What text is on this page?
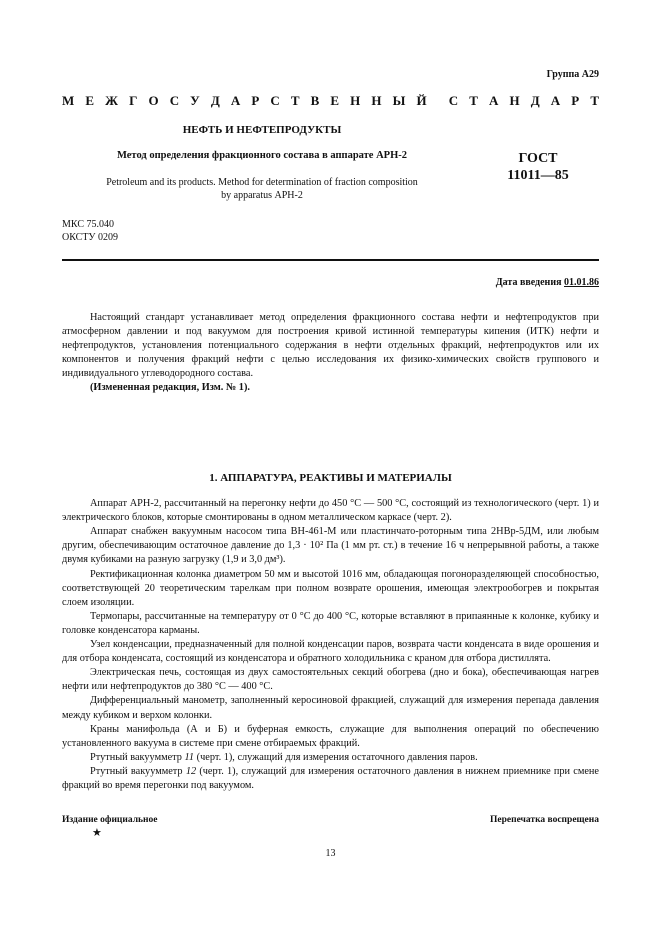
Группа А29
М Е Ж Г О С У Д А Р С Т В Е Н Н Ы Й С Т А Н Д А Р Т
НЕФТЬ И НЕФТЕПРОДУКТЫ
Метод определения фракционного состава в аппарате АРН-2
Petroleum and its products. Method for determination of fraction composition
by apparatus АРН-2
ГОСТ
11011—85
МКС 75.040
ОКСТУ 0209
Дата введения 01.01.86

Настоящий стандарт устанавливает метод определения фракционного состава нефти и нефтепродуктов при атмосферном давлении и под вакуумом для построения кривой истинной температуры кипения (ИТК) нефти и нефтепродуктов, установления потенциального содержания в нефти отдельных фракций, нефтепродуктов или их компонентов и получения фракций нефти с целью исследования их физико-химических свойств группового и индивидуального углеводородного состава.

(Измененная редакция, Изм. № 1).

1. АППАРАТУРА, РЕАКТИВЫ И МАТЕРИАЛЫ

Аппарат АРН-2, рассчитанный на перегонку нефти до 450 °С — 500 °С, состоящий из технологического (черт. 1) и электрического блоков, которые смонтированы в одном металлическом каркасе (черт. 2).

Аппарат снабжен вакуумным насосом типа ВН-461-М или пластинчато-роторным типа 2НВр-5ДМ, или любым другим, обеспечивающим остаточное давление до 1,3 · 10² Па (1 мм рт. ст.) в течение 16 ч непрерывной работы, а также двумя кубиками на разную загрузку (1,9 и 3,0 дм³).

Ректификационная колонка диаметром 50 мм и высотой 1016 мм, обладающая погоноразделяющей способностью, соответствующей 20 теоретическим тарелкам при полном возврате орошения, имеющая электрообогрев и покрытая слоем изоляции.

Термопары, рассчитанные на температуру от 0 °С до 400 °С, которые вставляют в припаянные к колонке, кубику и головке конденсатора карманы.

Узел конденсации, предназначенный для полной конденсации паров, возврата части конденсата в виде орошения и для отбора конденсата, состоящий из конденсатора и обратного холодильника с краном для отбора дистиллята.

Электрическая печь, состоящая из двух самостоятельных секций обогрева (дно и бока), обеспечивающая нагрев нефти или нефтепродуктов до 380 °С — 400 °С.

Дифференциальный манометр, заполненный керосиновой фракцией, служащий для измерения перепада давления между кубиком и верхом колонки.

Краны манифольда (А и Б) и буферная емкость, служащие для выполнения операций по обеспечению установленного вакуума в системе при смене отбираемых фракций.

Ртутный вакуумметр 11 (черт. 1), служащий для измерения остаточного давления паров.

Ртутный вакуумметр 12 (черт. 1), служащий для измерения остаточного давления в нижнем приемнике при смене фракций во время перегонки под вакуумом.

Издание официальное
★
Перепечатка воспрещена
13
